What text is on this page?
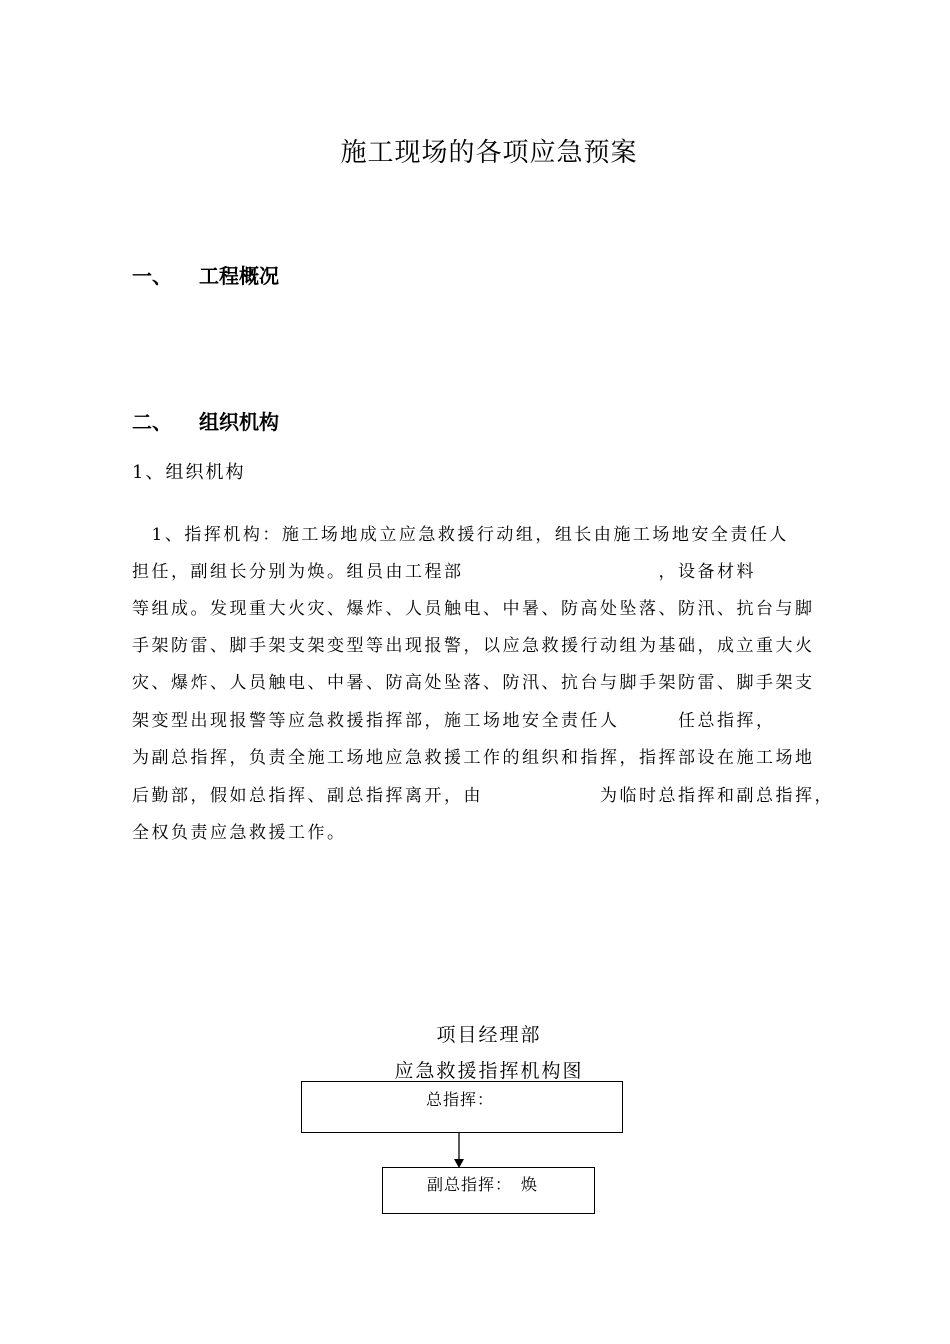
施工现场的各项应急预案
一、 工程概况
二、 组织机构
1、组织机构
　1、指挥机构：施工场地成立应急救援行动组，组长由施工场地安全责任人
担任，副组长分别为焕。组员由工程部　　　　　　　　　　，设备材料
等组成。发现重大火灾、爆炸、人员触电、中暑、防高处坠落、防汛、抗台与脚
手架防雷、脚手架支架变型等出现报警，以应急救援行动组为基础，成立重大火
灾、爆炸、人员触电、中暑、防高处坠落、防汛、抗台与脚手架防雷、脚手架支
架变型出现报警等应急救援指挥部，施工场地安全责任人　　　任总指挥，
为副总指挥，负责全施工场地应急救援工作的组织和指挥，指挥部设在施工场地
后勤部，假如总指挥、副总指挥离开，由　　　　　　为临时总指挥和副总指挥，
全权负责应急救援工作。
项目经理部
应急救援指挥机构图
总指挥：
副总指挥：　焕
